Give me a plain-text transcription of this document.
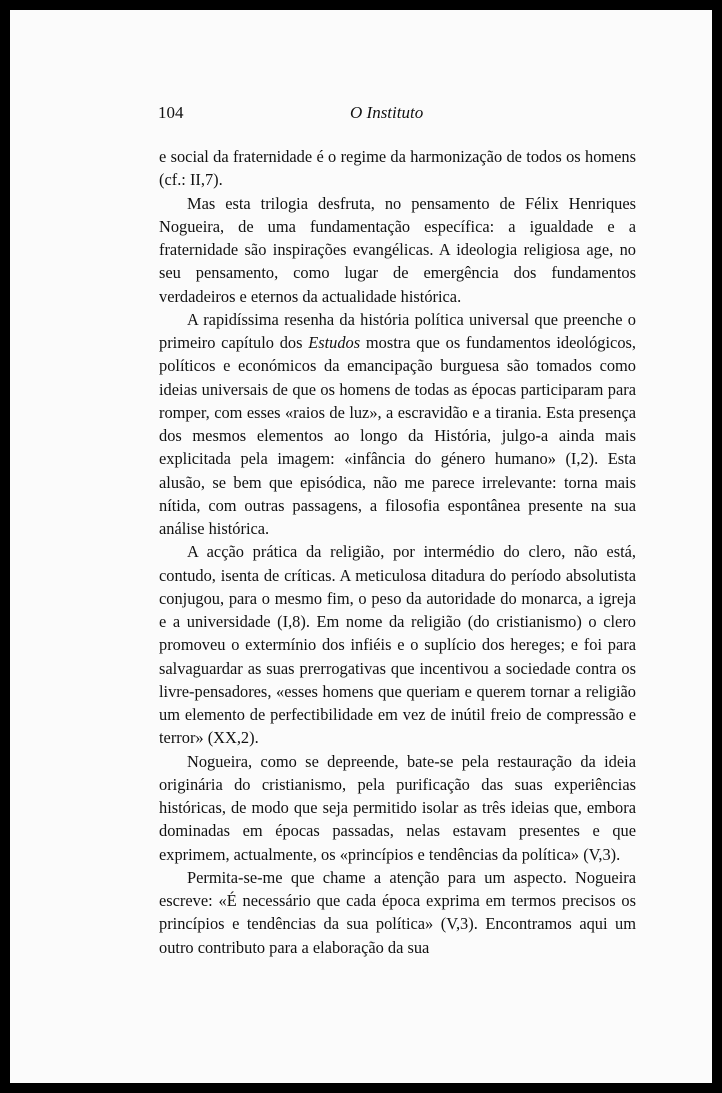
104	O Instituto

e social da fraternidade é o regime da harmonização de todos os homens (cf.: II,7).

Mas esta trilogia desfruta, no pensamento de Félix Henriques Nogueira, de uma fundamentação específica: a igualdade e a fraternidade são inspirações evangélicas. A ideologia religiosa age, no seu pensamento, como lugar de emergência dos fundamentos verdadeiros e eternos da actualidade histórica.

A rapidíssima resenha da história política universal que preenche o primeiro capítulo dos Estudos mostra que os fundamentos ideológicos, políticos e económicos da emancipação burguesa são tomados como ideias universais de que os homens de todas as épocas participaram para romper, com esses «raios de luz», a escravidão e a tirania. Esta presença dos mesmos elementos ao longo da História, julgo-a ainda mais explicitada pela imagem: «infância do género humano» (I,2). Esta alusão, se bem que episódica, não me parece irrelevante: torna mais nítida, com outras passagens, a filosofia espontânea presente na sua análise histórica.

A acção prática da religião, por intermédio do clero, não está, contudo, isenta de críticas. A meticulosa ditadura do período absolutista conjugou, para o mesmo fim, o peso da autoridade do monarca, a igreja e a universidade (I,8). Em nome da religião (do cristianismo) o clero promoveu o extermínio dos infiéis e o suplício dos hereges; e foi para salvaguardar as suas prerrogativas que incentivou a sociedade contra os livre-pensadores, «esses homens que queriam e querem tornar a religião um elemento de perfectibilidade em vez de inútil freio de compressão e terror» (XX,2).

Nogueira, como se depreende, bate-se pela restauração da ideia originária do cristianismo, pela purificação das suas experiências históricas, de modo que seja permitido isolar as três ideias que, embora dominadas em épocas passadas, nelas estavam presentes e que exprimem, actualmente, os «princípios e tendências da política» (V,3).

Permita-se-me que chame a atenção para um aspecto. Nogueira escreve: «É necessário que cada época exprima em termos precisos os princípios e tendências da sua política» (V,3). Encontramos aqui um outro contributo para a elaboração da sua
